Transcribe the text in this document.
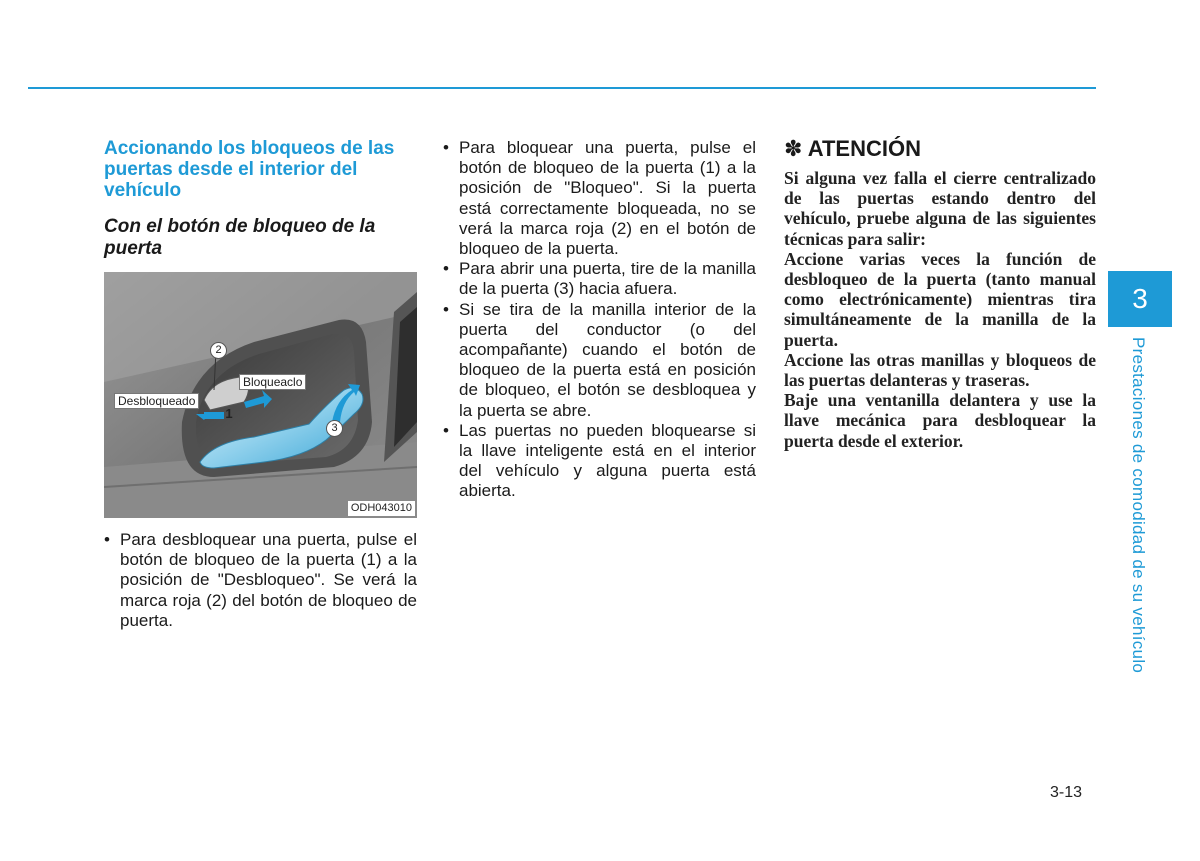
Accionando los bloqueos de las puertas desde el interior del vehículo
Con el botón de bloqueo de la puerta
Desbloqueado
Bloqueaclo
2
1
3
ODH043010
• Para desbloquear una puerta, pulse el botón de bloqueo de la puerta (1) a la posición de "Desbloqueo". Se verá la marca roja (2) del botón de bloqueo de puerta.
• Para bloquear una puerta, pulse el botón de bloqueo de la puerta (1) a la posición de "Bloqueo". Si la puerta está correctamente bloqueada, no se verá la marca roja (2) en el botón de bloqueo de la puerta.
• Para abrir una puerta, tire de la manilla de la puerta (3) hacia afuera.
• Si se tira de la manilla interior de la puerta del conductor (o del acompañante) cuando el botón de bloqueo de la puerta está en posición de bloqueo, el botón se desbloquea y la puerta se abre.
• Las puertas no pueden bloquearse si la llave inteligente está en el interior del vehículo y alguna puerta está abierta.
✽ ATENCIÓN

Si alguna vez falla el cierre centralizado de las puertas estando dentro del vehículo, pruebe alguna de las siguientes técnicas para salir:

Accione varias veces la función de desbloqueo de la puerta (tanto manual como electrónicamente) mientras tira simultáneamente de la manilla de la puerta.

Accione las otras manillas y bloqueos de las puertas delanteras y traseras.

Baje una ventanilla delantera y use la llave mecánica para desbloquear la puerta desde el exterior.

3
Prestaciones de comodidad de su vehículo
3-13
